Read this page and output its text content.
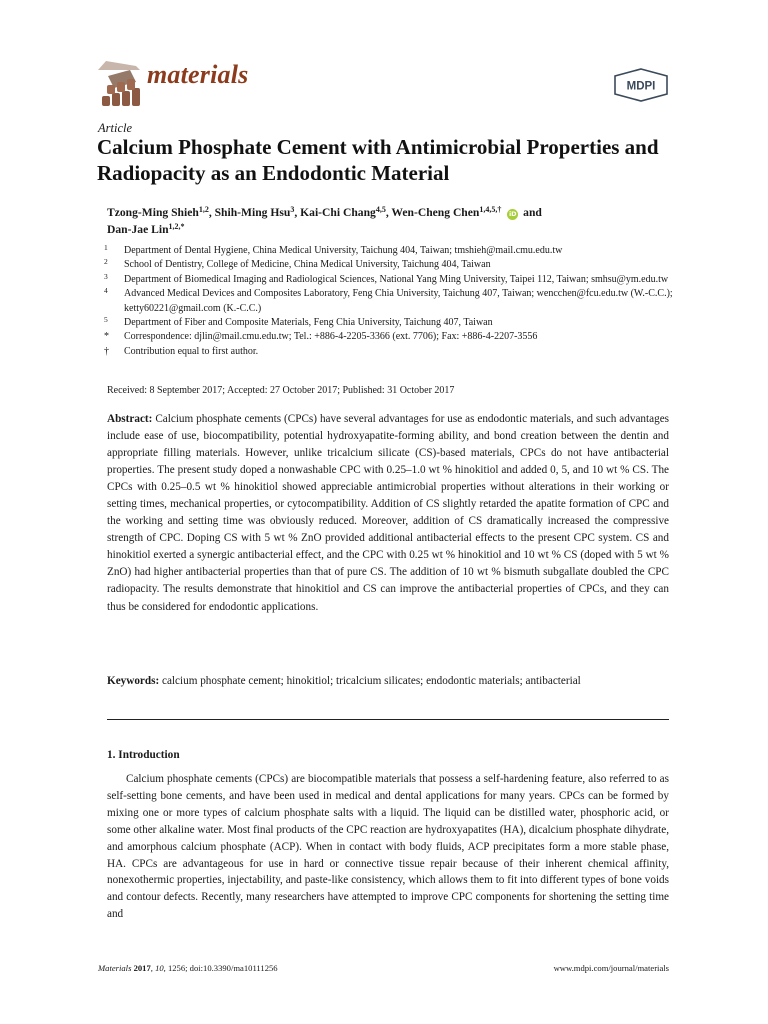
materials	MDPI
Article
Calcium Phosphate Cement with Antimicrobial Properties and Radiopacity as an Endodontic Material
Tzong-Ming Shieh$^{1,2}$, Shih-Ming Hsu$^3$, Kai-Chi Chang$^{4,5}$, Wen-Cheng Chen$^{1,4,5,\dagger}$ iD and
Dan-Jae Lin$^{1,2,*}$
1 Department of Dental Hygiene, China Medical University, Taichung 404, Taiwan; tmshieh@mail.cmu.edu.tw
2 School of Dentistry, College of Medicine, China Medical University, Taichung 404, Taiwan
3 Department of Biomedical Imaging and Radiological Sciences, National Yang Ming University, Taipei 112, Taiwan; smhsu@ym.edu.tw
4 Advanced Medical Devices and Composites Laboratory, Feng Chia University, Taichung 407, Taiwan; wencchen@fcu.edu.tw (W.-C.C.); ketty60221@gmail.com (K.-C.C.)
5 Department of Fiber and Composite Materials, Feng Chia University, Taichung 407, Taiwan
* Correspondence: djlin@mail.cmu.edu.tw; Tel.: +886-4-2205-3366 (ext. 7706); Fax: +886-4-2207-3556
† Contribution equal to first author.
Received: 8 September 2017; Accepted: 27 October 2017; Published: 31 October 2017
Abstract: Calcium phosphate cements (CPCs) have several advantages for use as endodontic materials, and such advantages include ease of use, biocompatibility, potential hydroxyapatite-forming ability, and bond creation between the dentin and appropriate filling materials. However, unlike tricalcium silicate (CS)-based materials, CPCs do not have antibacterial properties. The present study doped a nonwashable CPC with 0.25–1.0 wt % hinokitiol and added 0, 5, and 10 wt % CS. The CPCs with 0.25–0.5 wt % hinokitiol showed appreciable antimicrobial properties without alterations in their working or setting times, mechanical properties, or cytocompatibility. Addition of CS slightly retarded the apatite formation of CPC and the working and setting time was obviously reduced. Moreover, addition of CS dramatically increased the compressive strength of CPC. Doping CS with 5 wt % ZnO provided additional antibacterial effects to the present CPC system. CS and hinokitiol exerted a synergic antibacterial effect, and the CPC with 0.25 wt % hinokitiol and 10 wt % CS (doped with 5 wt % ZnO) had higher antibacterial properties than that of pure CS. The addition of 10 wt % bismuth subgallate doubled the CPC radiopacity. The results demonstrate that hinokitiol and CS can improve the antibacterial properties of CPCs, and they can thus be considered for endodontic applications.
Keywords: calcium phosphate cement; hinokitiol; tricalcium silicates; endodontic materials; antibacterial
1. Introduction
Calcium phosphate cements (CPCs) are biocompatible materials that possess a self-hardening feature, also referred to as self-setting bone cements, and have been used in medical and dental applications for many years. CPCs can be formed by mixing one or more types of calcium phosphate salts with a liquid. The liquid can be distilled water, phosphoric acid, or some other alkaline water. Most final products of the CPC reaction are hydroxyapatites (HA), dicalcium phosphate dihydrate, and amorphous calcium phosphate (ACP). When in contact with body fluids, ACP precipitates form a more stable phase, HA. CPCs are advantageous for use in hard or connective tissue repair because of their inherent chemical affinity, nonexothermic properties, injectability, and paste-like consistency, which allows them to fit into different types of bone voids and contour defects. Recently, many researchers have attempted to improve CPC components for shortening the setting time and
Materials 2017, 10, 1256; doi:10.3390/ma10111256	www.mdpi.com/journal/materials
